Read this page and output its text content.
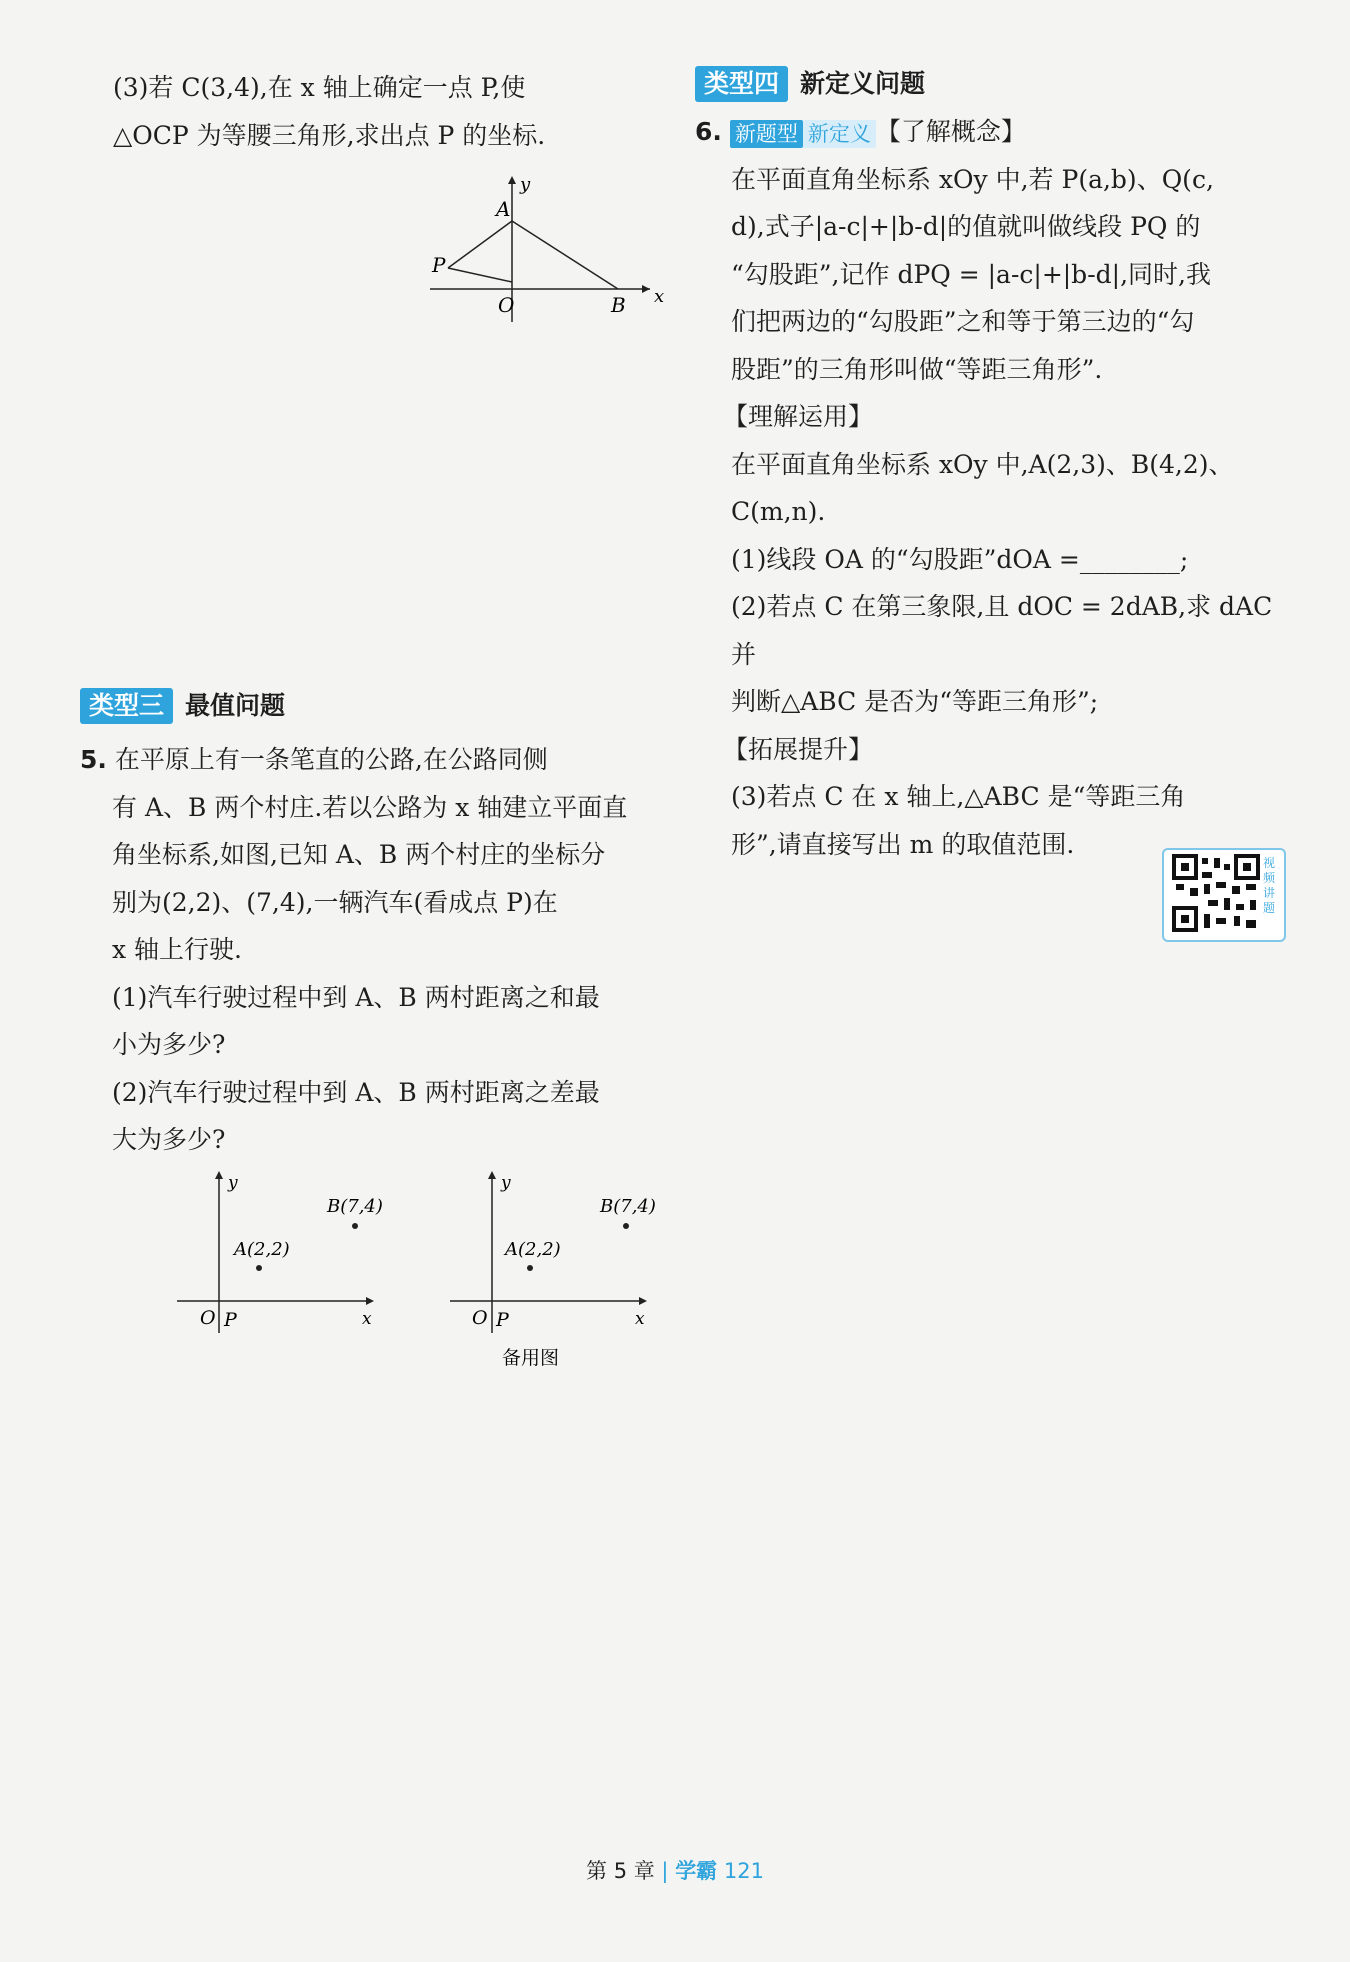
(3)若 C(3,4),在 x 轴上确定一点 P,使
△OCP 为等腰三角形,求出点 P 的坐标.
y
x
A
P
O	B
类型三 最值问题
5. 在平原上有一条笔直的公路,在公路同侧
有 A、B 两个村庄.若以公路为 x 轴建立平面直
角坐标系,如图,已知 A、B 两个村庄的坐标分
别为(2,2)、(7,4),一辆汽车(看成点 P)在
x 轴上行驶.
(1)汽车行驶过程中到 A、B 两村距离之和最
小为多少?
(2)汽车行驶过程中到 A、B 两村距离之差最
大为多少?
y
x
O P
A(2,2)
B(7,4)
y
x
O P
A(2,2)
B(7,4)
备用图
类型四 新定义问题
6. 新题型 新定义 【了解概念】
在平面直角坐标系 xOy 中,若 P(a,b)、Q(c,
d),式子|a-c|+|b-d|的值就叫做线段 PQ 的
“勾股距”,记作 dPQ = |a-c|+|b-d|,同时,我
们把两边的“勾股距”之和等于第三边的“勾
股距”的三角形叫做“等距三角形”.
【理解运用】
在平面直角坐标系 xOy 中,A(2,3)、B(4,2)、
C(m,n).
(1)线段 OA 的“勾股距”dOA =________;
(2)若点 C 在第三象限,且 dOC = 2dAB,求 dAC并
判断△ABC 是否为“等距三角形”;
【拓展提升】
(3)若点 C 在 x 轴上,△ABC 是“等距三角
形”,请直接写出 m 的取值范围.
视频讲题
第 5 章 | 学霸 121
